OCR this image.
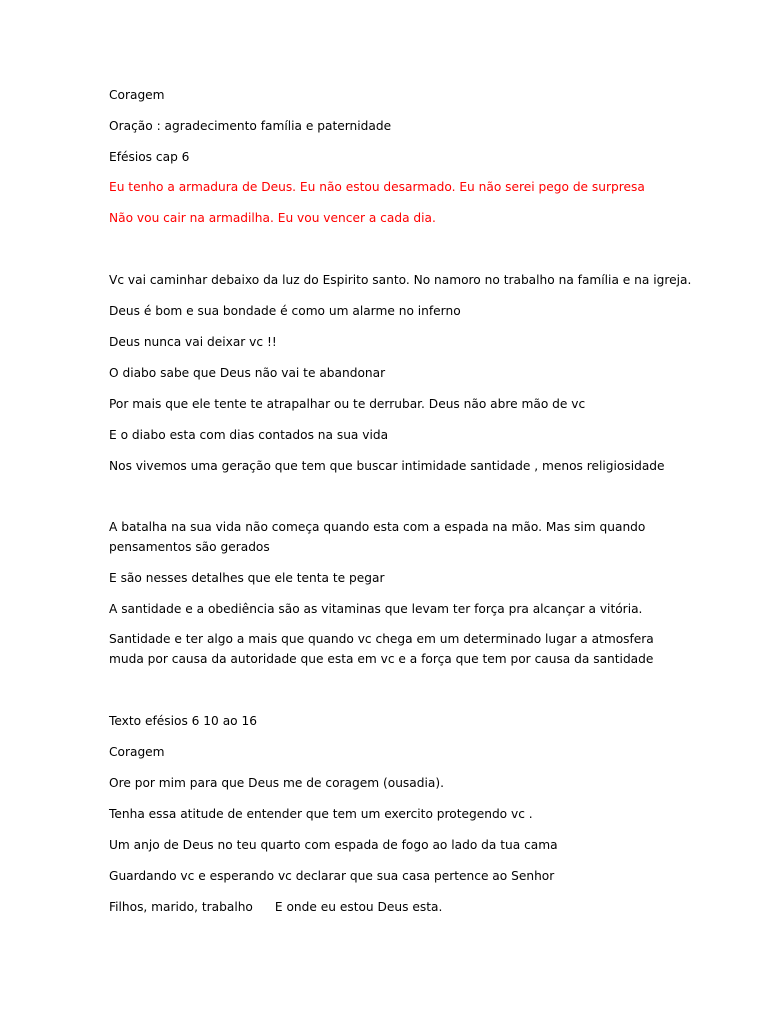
Coragem

Oração : agradecimento família e paternidade

Efésios cap 6

Eu tenho a armadura de Deus. Eu não estou desarmado. Eu não serei pego de surpresa

Não vou cair na armadilha. Eu vou vencer a cada dia.

Vc vai caminhar debaixo da luz do Espirito santo. No namoro no trabalho na família e na igreja.

Deus é bom e sua bondade é como um alarme no inferno

Deus nunca vai deixar vc !!

O diabo sabe que Deus não vai te abandonar

Por mais que ele tente te atrapalhar ou te derrubar. Deus não abre mão de vc

E o diabo esta com dias contados na sua vida

Nos vivemos uma geração que tem que buscar intimidade santidade , menos religiosidade

A batalha na sua vida não começa quando esta com a espada na mão. Mas sim quando pensamentos são gerados

E são nesses detalhes que ele tenta te pegar

A santidade e a obediência são as vitaminas que levam ter força pra alcançar a vitória.

Santidade e ter algo a mais que quando vc chega em um determinado lugar a atmosfera muda por causa da autoridade que esta em vc e a força que tem por causa da santidade

Texto efésios 6 10 ao 16

Coragem

Ore por mim para que Deus me de coragem (ousadia).

Tenha essa atitude de entender que tem um exercito protegendo vc .

Um anjo de Deus no teu quarto com espada de fogo ao lado da tua cama

Guardando vc e esperando vc declarar que sua casa pertence ao Senhor

Filhos, marido, trabalho E onde eu estou Deus esta.
